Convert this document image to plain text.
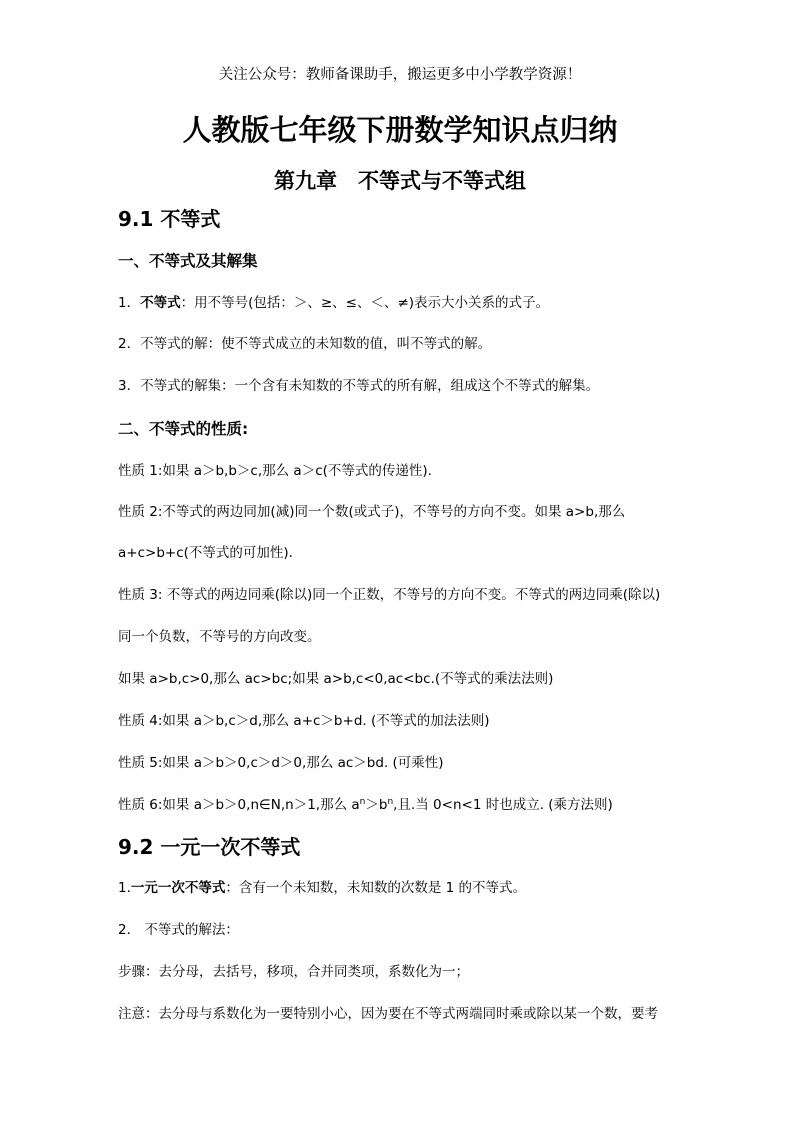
关注公众号：教师备课助手，搬运更多中小学教学资源！
人教版七年级下册数学知识点归纳
第九章　不等式与不等式组
9.1 不等式
一、不等式及其解集
1．不等式：用不等号(包括：＞、≥、≤、＜、≠)表示大小关系的式子。
2．不等式的解：使不等式成立的未知数的值，叫不等式的解。
3．不等式的解集：一个含有未知数的不等式的所有解，组成这个不等式的解集。
二、不等式的性质:
性质 1:如果 a＞b,b＞c,那么 a＞c(不等式的传递性).
性质 2:不等式的两边同加(减)同一个数(或式子)，不等号的方向不变。如果 a>b,那么
a+c>b+c(不等式的可加性).
性质 3: 不等式的两边同乘(除以)同一个正数，不等号的方向不变。不等式的两边同乘(除以)
同一个负数，不等号的方向改变。
如果 a>b,c>0,那么 ac>bc;如果 a>b,c<0,ac<bc.(不等式的乘法法则)
性质 4:如果 a＞b,c＞d,那么 a+c＞b+d. (不等式的加法法则)
性质 5:如果 a＞b＞0,c＞d＞0,那么 ac＞bd. (可乘性)
性质 6:如果 a＞b＞0,n∈N,n＞1,那么 $a^n>b^n$,且.当 0<n<1 时也成立. (乘方法则)
9.2 一元一次不等式
1.一元一次不等式：含有一个未知数，未知数的次数是 1 的不等式。
2． 不等式的解法：
步骤：去分母，去括号，移项，合并同类项，系数化为一；
注意：去分母与系数化为一要特别小心，因为要在不等式两端同时乘或除以某一个数，要考
